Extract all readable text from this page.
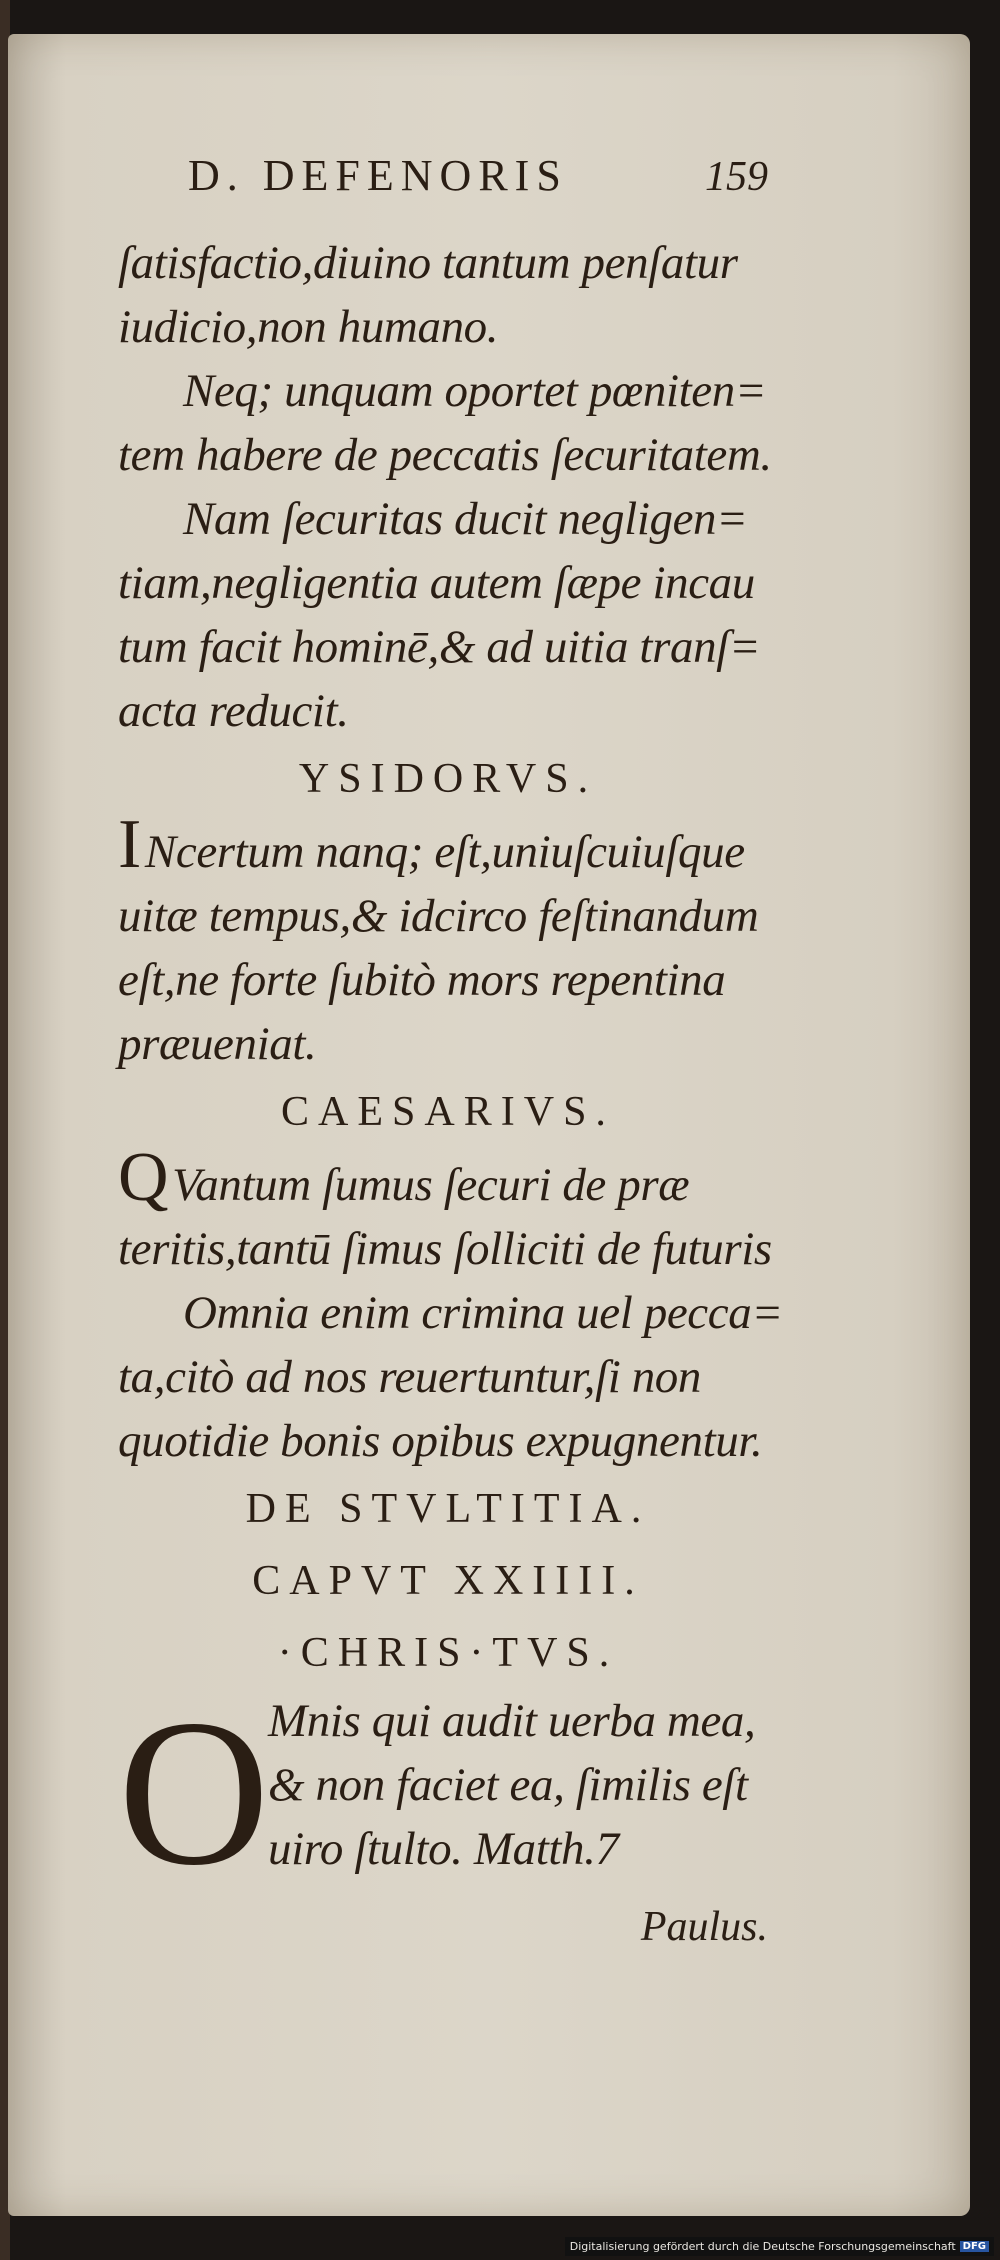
D. DEFENORIS	159
ſatisfactio,diuino tantum penſatur
iudicio,non humano.
Neq; unquam oportet pœniten=
tem habere de peccatis ſecuritatem.
Nam ſecuritas ducit negligen=
tiam,negligentia autem ſæpe incau
tum facit hominē,& ad uitia tranſ=
acta reducit.
YSIDORVS.
I Ncertum nanq; eſt,uniuſcuiuſque
uitæ tempus,& idcirco feſtinandum
eſt,ne forte ſubitò mors repentina
præueniat.
CAESARIVS.
Q Vantum ſumus ſecuri de præ
teritis,tantū ſimus ſolliciti de futuris
Omnia enim crimina uel pecca=
ta,citò ad nos reuertuntur,ſi non
quotidie bonis opibus expugnentur.
DE STVLTITIA.
CAPVT XXIIII.
·CHRIS·TVS.
O
Mnis qui audit uerba mea,
& non faciet ea, ſimilis eſt
uiro ſtulto. Matth.7
Paulus.
Digitalisierung gefördert durch die Deutsche Forschungsgemeinschaft DFG
